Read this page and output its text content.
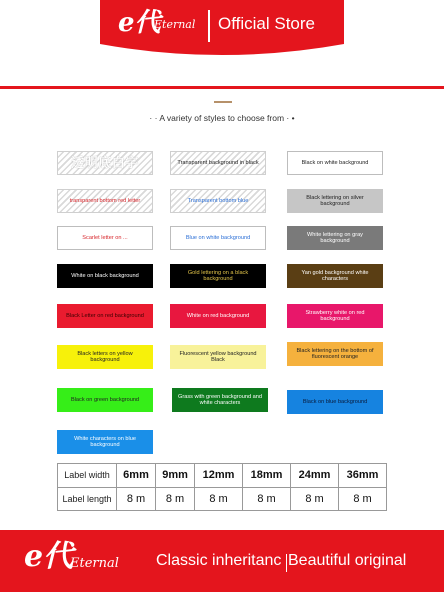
e代
Eternal Official Store
· · A variety of styles to choose from · •
透明底白字	Transparent background in black	Black on white background
transparent bottom red letter	Transparent bottom blue
Black lettering on silver background
Scarlet letter on ...	Blue on white background
White lettering on gray background
White on black background
Gold lettering on a black background
Yan gold background white characters
Black Letter on red background	White on red background
Strawberry white on red background
Black letters on yellow background
Fluorescent yellow background Black
Black lettering on the bottom of fluorescent orange
Black on green background
Grass with green background and white characters	Black on blue background
White characters on blue background
Label width	6mm	9mm	12mm	18mm	24mm	36mm
Label length	8 m	8 m	8 m	8 m	8 m	8 m
e代
Eternal Classic inheritanc Beautiful original
